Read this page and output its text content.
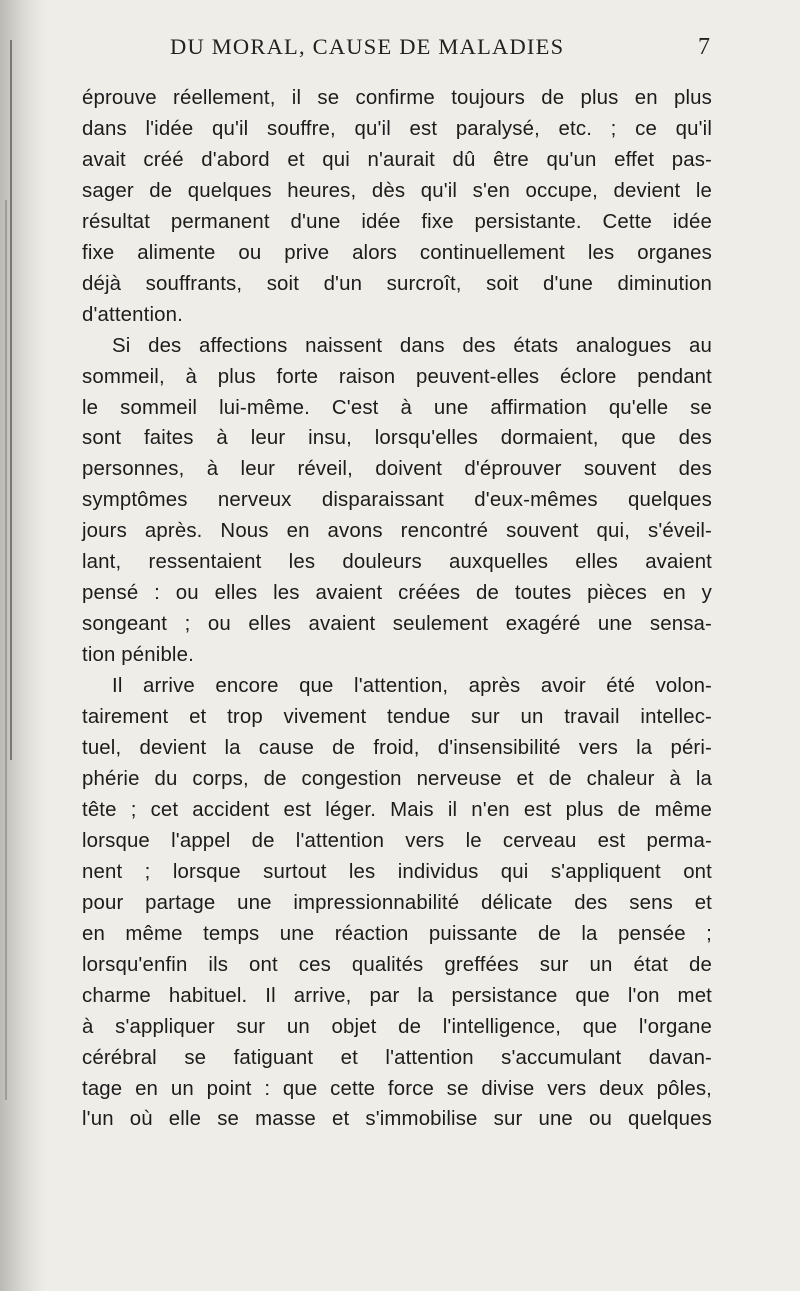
DU MORAL, CAUSE DE MALADIES	7
éprouve réellement, il se confirme toujours de plus en plus
dans l'idée qu'il souffre, qu'il est paralysé, etc. ; ce qu'il
avait créé d'abord et qui n'aurait dû être qu'un effet pas-
sager de quelques heures, dès qu'il s'en occupe, devient le
résultat permanent d'une idée fixe persistante. Cette idée
fixe alimente ou prive alors continuellement les organes
déjà souffrants, soit d'un surcroît, soit d'une diminution
d'attention.
Si des affections naissent dans des états analogues au
sommeil, à plus forte raison peuvent-elles éclore pendant
le sommeil lui-même. C'est à une affirmation qu'elle se
sont faites à leur insu, lorsqu'elles dormaient, que des
personnes, à leur réveil, doivent d'éprouver souvent des
symptômes nerveux disparaissant d'eux-mêmes quelques
jours après. Nous en avons rencontré souvent qui, s'éveil-
lant, ressentaient les douleurs auxquelles elles avaient
pensé : ou elles les avaient créées de toutes pièces en y
songeant ; ou elles avaient seulement exagéré une sensa-
tion pénible.
Il arrive encore que l'attention, après avoir été volon-
tairement et trop vivement tendue sur un travail intellec-
tuel, devient la cause de froid, d'insensibilité vers la péri-
phérie du corps, de congestion nerveuse et de chaleur à la
tête ; cet accident est léger. Mais il n'en est plus de même
lorsque l'appel de l'attention vers le cerveau est perma-
nent ; lorsque surtout les individus qui s'appliquent ont
pour partage une impressionnabilité délicate des sens et
en même temps une réaction puissante de la pensée ;
lorsqu'enfin ils ont ces qualités greffées sur un état de
charme habituel. Il arrive, par la persistance que l'on met
à s'appliquer sur un objet de l'intelligence, que l'organe
cérébral se fatiguant et l'attention s'accumulant davan-
tage en un point : que cette force se divise vers deux pôles,
l'un où elle se masse et s'immobilise sur une ou quelques
